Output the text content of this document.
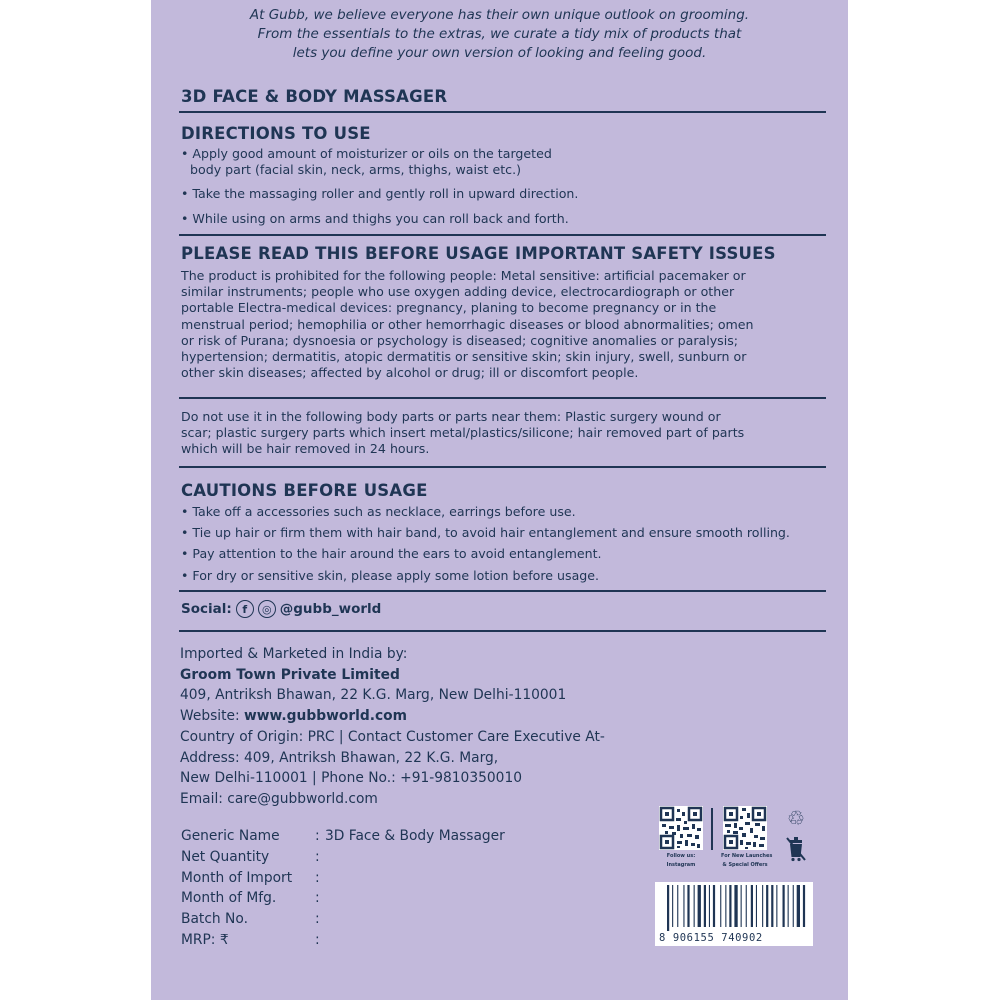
At Gubb, we believe everyone has their own unique outlook on grooming.
From the essentials to the extras, we curate a tidy mix of products that
lets you define your own version of looking and feeling good.
3D FACE & BODY MASSAGER
DIRECTIONS TO USE
• Apply good amount of moisturizer or oils on the targeted
body part (facial skin, neck, arms, thighs, waist etc.)
• Take the massaging roller and gently roll in upward direction.
• While using on arms and thighs you can roll back and forth.
PLEASE READ THIS BEFORE USAGE IMPORTANT SAFETY ISSUES
The product is prohibited for the following people: Metal sensitive: artificial pacemaker or
similar instruments; people who use oxygen adding device, electrocardiograph or other
portable Electra-medical devices: pregnancy, planing to become pregnancy or in the
menstrual period; hemophilia or other hemorrhagic diseases or blood abnormalities; omen
or risk of Purana; dysnoesia or psychology is diseased; cognitive anomalies or paralysis;
hypertension; dermatitis, atopic dermatitis or sensitive skin; skin injury, swell, sunburn or
other skin diseases; affected by alcohol or drug; ill or discomfort people.
Do not use it in the following body parts or parts near them: Plastic surgery wound or
scar; plastic surgery parts which insert metal/plastics/silicone; hair removed part of parts
which will be hair removed in 24 hours.
CAUTIONS BEFORE USAGE
• Take off a accessories such as necklace, earrings before use.
• Tie up hair or firm them with hair band, to avoid hair entanglement and ensure smooth rolling.
• Pay attention to the hair around the ears to avoid entanglement.
• For dry or sensitive skin, please apply some lotion before usage.
Social: f	◎ @gubb_world
Imported & Marketed in India by:
Groom Town Private Limited
409, Antriksh Bhawan, 22 K.G. Marg, New Delhi-110001
Website: www.gubbworld.com
Country of Origin: PRC | Contact Customer Care Executive At-
Address: 409, Antriksh Bhawan, 22 K.G. Marg,
New Delhi-110001 | Phone No.: +91-9810350010
Email: care@gubbworld.com
Generic Name	: 3D Face & Body Massager
Net Quantity	:
Month of Import	:
Month of Mfg.	:
Batch No.	:
MRP: ₹	:
Follow us:
Instagram
For New Launches
& Special Offers
♲
8 906155 740902
